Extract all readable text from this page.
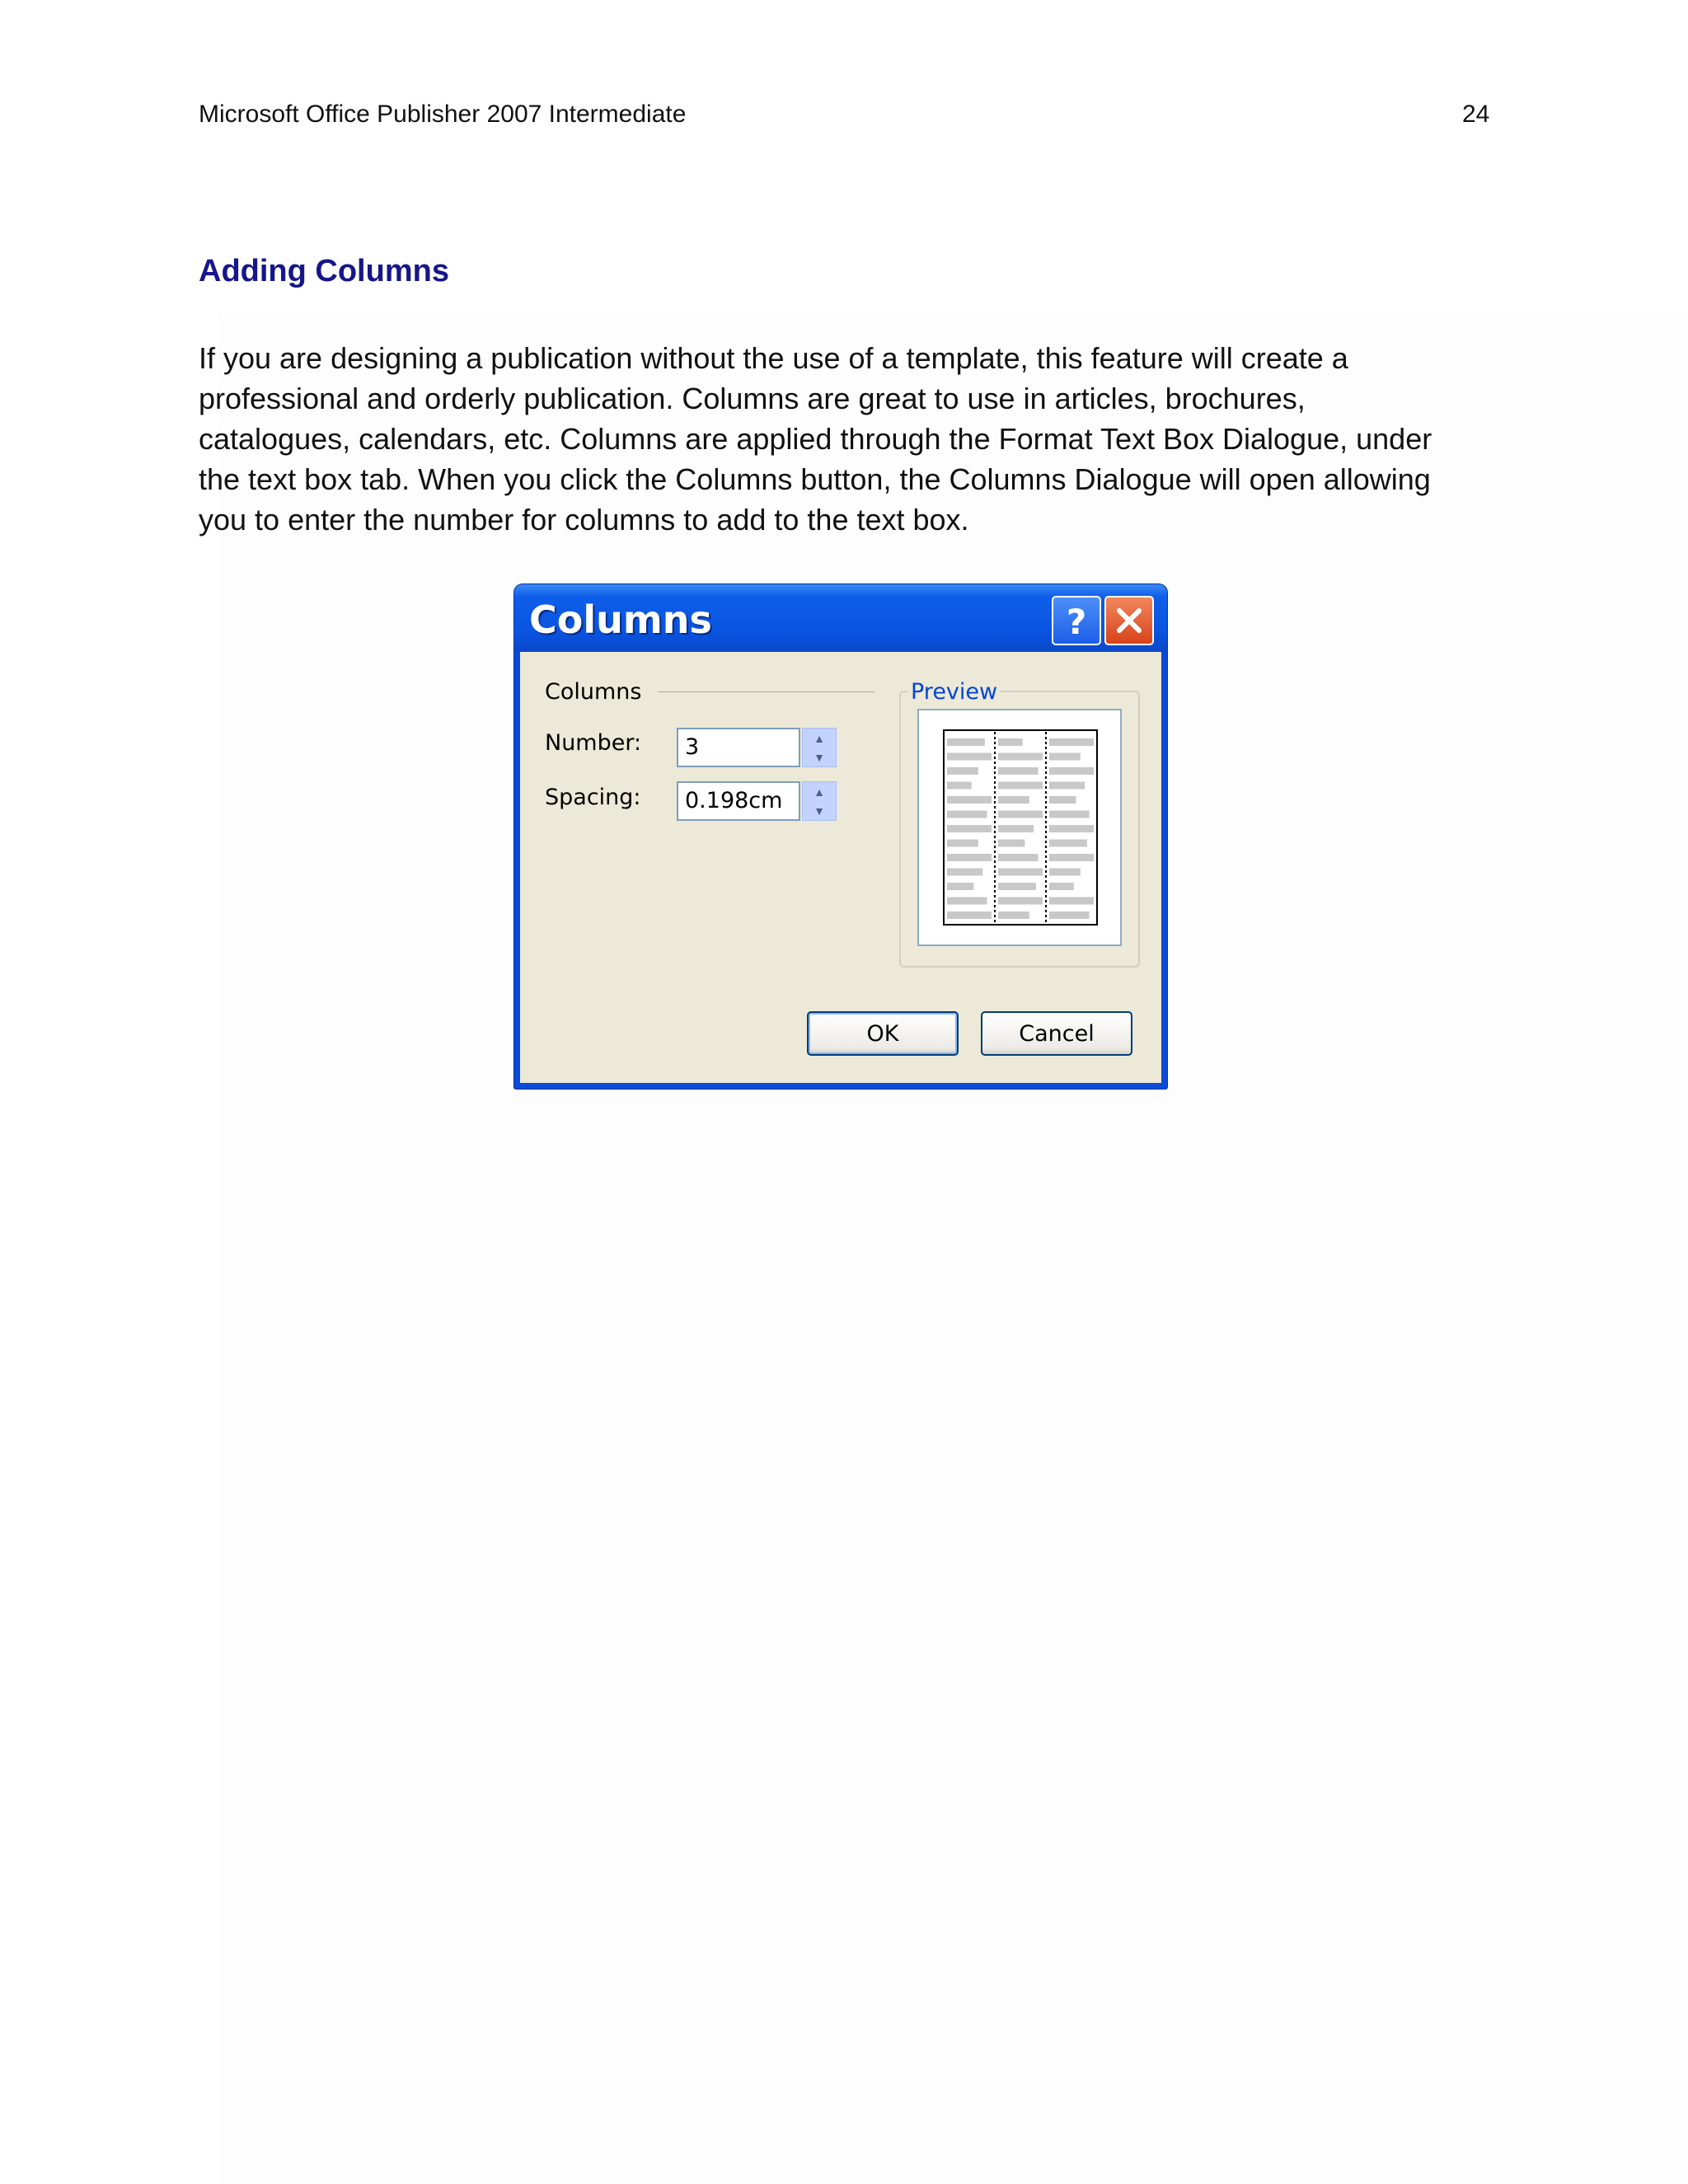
Microsoft Office Publisher 2007 Intermediate	24
Adding Columns
If you are designing a publication without the use of a template, this feature will create a
professional and orderly publication. Columns are great to use in articles, brochures,
catalogues, calendars, etc. Columns are applied through the Format Text Box Dialogue, under
the text box tab. When you click the Columns button, the Columns Dialogue will open allowing
you to enter the number for columns to add to the text box.
Columns	?
Columns
Number:	3	▲
▼
Spacing:	0.198cm	▲
▼
Preview
OK	Cancel
